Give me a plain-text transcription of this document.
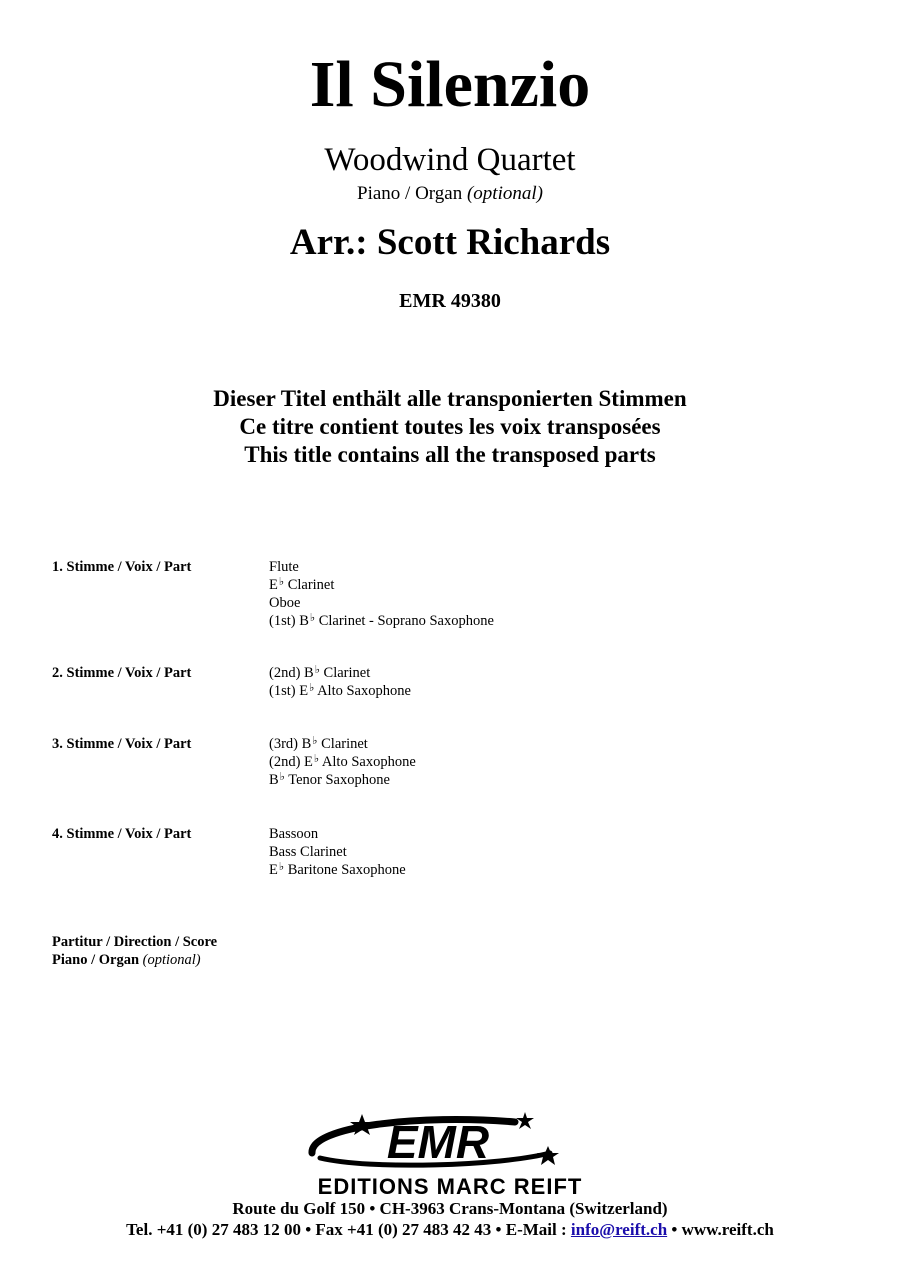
Il Silenzio
Woodwind Quartet
Piano / Organ (optional)
Arr.: Scott Richards
EMR 49380
Dieser Titel enthält alle transponierten Stimmen
Ce titre contient toutes les voix transposées
This title contains all the transposed parts
1. Stimme / Voix / Part	Flute
E♭ Clarinet
Oboe
(1st) B♭ Clarinet - Soprano Saxophone
2. Stimme / Voix / Part	(2nd) B♭ Clarinet
(1st) E♭ Alto Saxophone
3. Stimme / Voix / Part	(3rd) B♭ Clarinet
(2nd) E♭ Alto Saxophone
B♭ Tenor Saxophone
4. Stimme / Voix / Part	Bassoon
Bass Clarinet
E♭ Baritone Saxophone
Partitur / Direction / Score
Piano / Organ (optional)
EMR
EDITIONS MARC REIFT
Route du Golf 150 • CH-3963 Crans-Montana (Switzerland)
Tel. +41 (0) 27 483 12 00 • Fax +41 (0) 27 483 42 43 • E-Mail : info@reift.ch • www.reift.ch
